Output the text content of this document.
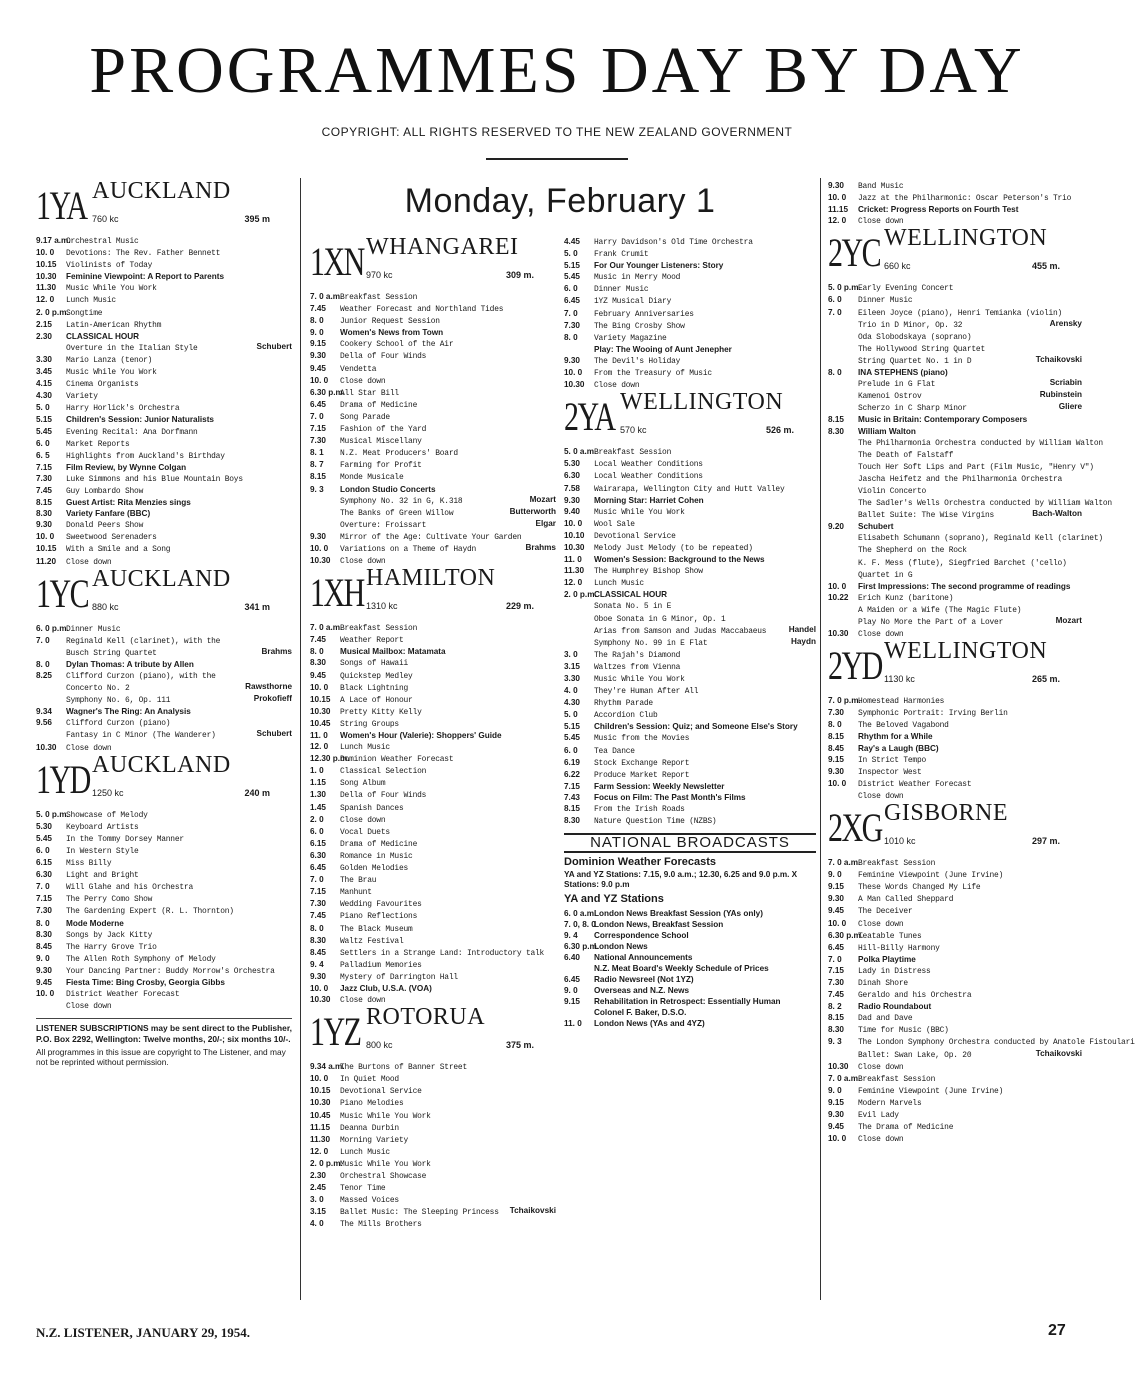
PROGRAMMES DAY BY DAY
COPYRIGHT: ALL RIGHTS RESERVED TO THE NEW ZEALAND GOVERNMENT
Monday, February 1
1YA AUCKLAND
760 kc	395 m
9.17 a.m.Orchestral Music
10. 0 Devotions: The Rev. Father Bennett
10.15 Violinists of Today
10.30 Feminine Viewpoint: A Report to Parents
11.30 Music While You Work
12. 0 Lunch Music
2. 0 p.m.Songtime
2.15 Latin-American Rhythm
2.30 CLASSICAL HOUR
Overture in the Italian Style	Schubert
3.30 Mario Lanza (tenor)
3.45 Music While You Work
4.15 Cinema Organists
4.30 Variety
5. 0 Harry Horlick's Orchestra
5.15 Children's Session: Junior Naturalists
5.45 Evening Recital: Ana Dorfmann
6. 0 Market Reports
6. 5 Highlights from Auckland's Birthday
7.15 Film Review, by Wynne Colgan
7.30 Luke Simmons and his Blue Mountain Boys
7.45 Guy Lombardo Show
8.15 Guest Artist: Rita Menzies sings
8.30 Variety Fanfare (BBC)
9.30 Donald Peers Show
10. 0 Sweetwood Serenaders
10.15 With a Smile and a Song
11.20 Close down
1YC AUCKLAND
880 kc	341 m
6. 0 p.m.Dinner Music
7. 0 Reginald Kell (clarinet), with the
Busch String Quartet	Brahms
8. 0 Dylan Thomas: A tribute by Allen
8.25 Clifford Curzon (piano), with the
Concerto No. 2	Rawsthorne
Symphony No. 6, Op. 111	Prokofieff
9.34 Wagner's The Ring: An Analysis
9.56 Clifford Curzon (piano)
Fantasy in C Minor (The Wanderer)	Schubert
10.30 Close down
1YD AUCKLAND
1250 kc	240 m
5. 0 p.m.Showcase of Melody
5.30 Keyboard Artists
5.45 In the Tommy Dorsey Manner
6. 0 In Western Style
6.15 Miss Billy
6.30 Light and Bright
7. 0 Will Glahe and his Orchestra
7.15 The Perry Como Show
7.30 The Gardening Expert (R. L. Thornton)
8. 0 Mode Moderne
8.30 Songs by Jack Kitty
8.45 The Harry Grove Trio
9. 0 The Allen Roth Symphony of Melody
9.30 Your Dancing Partner: Buddy Morrow's Orchestra
9.45 Fiesta Time: Bing Crosby, Georgia Gibbs
10. 0 District Weather Forecast
Close down

LISTENER SUBSCRIPTIONS may be sent direct to the Publisher, P.O. Box 2292, Wellington: Twelve months, 20/-; six months 10/-.

All programmes in this issue are copyright to The Listener, and may not be reprinted without permission.

1XN WHANGAREI
970 kc	309 m.
7. 0 a.m.Breakfast Session
7.45 Weather Forecast and Northland Tides
8. 0 Junior Request Session
9. 0 Women's News from Town
9.15 Cookery School of the Air
9.30 Della of Four Winds
9.45 Vendetta
10. 0 Close down
6.30 p.m.All Star Bill
6.45 Drama of Medicine
7. 0 Song Parade
7.15 Fashion of the Yard
7.30 Musical Miscellany
8. 1 N.Z. Meat Producers' Board
8. 7 Farming for Profit
8.15 Monde Musicale
9. 3 London Studio Concerts
Symphony No. 32 in G, K.318	Mozart
The Banks of Green Willow	Butterworth
Overture: Froissart	Elgar
9.30 Mirror of the Age: Cultivate Your Garden
10. 0 Variations on a Theme of Haydn	Brahms
10.30 Close down
1XH HAMILTON
1310 kc	229 m.
7. 0 a.m.Breakfast Session
7.45 Weather Report
8. 0 Musical Mailbox: Matamata
8.30 Songs of Hawaii
9.45 Quickstep Medley
10. 0 Black Lightning
10.15 A Lace of Honour
10.30 Pretty Kitty Kelly
10.45 String Groups
11. 0 Women's Hour (Valerie): Shoppers' Guide
12. 0 Lunch Music
12.30 p.m.Dominion Weather Forecast
1. 0 Classical Selection
1.15 Song Album
1.30 Della of Four Winds
1.45 Spanish Dances
2. 0 Close down
6. 0 Vocal Duets
6.15 Drama of Medicine
6.30 Romance in Music
6.45 Golden Melodies
7. 0 The Brau
7.15 Manhunt
7.30 Wedding Favourites
7.45 Piano Reflections
8. 0 The Black Museum
8.30 Waltz Festival
8.45 Settlers in a Strange Land: Introductory talk
9. 4 Palladium Memories
9.30 Mystery of Darrington Hall
10. 0 Jazz Club, U.S.A. (VOA)
10.30 Close down
1YZ ROTORUA
800 kc	375 m.
9.34 a.m.The Burtons of Banner Street
10. 0 In Quiet Mood
10.15 Devotional Service
10.30 Piano Melodies
10.45 Music While You Work
11.15 Deanna Durbin
11.30 Morning Variety
12. 0 Lunch Music
2. 0 p.m.Music While You Work
2.30 Orchestral Showcase
2.45 Tenor Time
3. 0 Massed Voices
3.15 Ballet Music: The Sleeping Princess Tchaikovski
4. 0 The Mills Brothers
4.45 Harry Davidson's Old Time Orchestra
5. 0 Frank Crumit
5.15 For Our Younger Listeners: Story
5.45 Music in Merry Mood
6. 0 Dinner Music
6.45 1YZ Musical Diary
7. 0 February Anniversaries
7.30 The Bing Crosby Show
8. 0 Variety Magazine
Play: The Wooing of Aunt Jenepher
9.30 The Devil's Holiday
10. 0 From the Treasury of Music
10.30 Close down
2YA WELLINGTON
570 kc	526 m.
5. 0 a.m.Breakfast Session
5.30 Local Weather Conditions
6.30 Local Weather Conditions
7.58 Wairarapa, Wellington City and Hutt Valley
9.30 Morning Star: Harriet Cohen
9.40 Music While You Work
10. 0 Wool Sale
10.10 Devotional Service
10.30 Melody Just Melody (to be repeated)
11. 0 Women's Session: Background to the News
11.30 The Humphrey Bishop Show
12. 0 Lunch Music
2. 0 p.m.CLASSICAL HOUR
Sonata No. 5 in E
Oboe Sonata in G Minor, Op. 1
Arias from Samson and Judas Maccabaeus	Handel
Symphony No. 99 in E Flat	Haydn
3. 0 The Rajah's Diamond
3.15 Waltzes from Vienna
3.30 Music While You Work
4. 0 They're Human After All
4.30 Rhythm Parade
5. 0 Accordion Club
5.15 Children's Session: Quiz; and Someone Else's Story
5.45 Music from the Movies
6. 0 Tea Dance
6.19 Stock Exchange Report
6.22 Produce Market Report
7.15 Farm Session: Weekly Newsletter
7.43 Focus on Film: The Past Month's Films
8.15 From the Irish Roads
8.30 Nature Question Time (NZBS)
NATIONAL BROADCASTS
Dominion Weather Forecasts
YA and YZ Stations: 7.15, 9.0 a.m.; 12.30, 6.25 and 9.0 p.m. X Stations: 9.0 p.m
YA and YZ Stations
6. 0 a.m.London News Breakfast Session (YAs only)
7. 0, 8. 0London News, Breakfast Session
9. 4 Correspondence School
6.30 p.m.London News
6.40 National Announcements
N.Z. Meat Board's Weekly Schedule of Prices
6.45 Radio Newsreel (Not 1YZ)
9. 0 Overseas and N.Z. News
9.15 Rehabilitation in Retrospect: Essentially Human
Colonel F. Baker, D.S.O.
11. 0 London News (YAs and 4YZ)
9.30 Band Music
10. 0 Jazz at the Philharmonic: Oscar Peterson's Trio
11.15 Cricket: Progress Reports on Fourth Test
12. 0 Close down
2YC WELLINGTON
660 kc	455 m.
5. 0 p.m.Early Evening Concert
6. 0 Dinner Music
7. 0 Eileen Joyce (piano), Henri Temianka (violin)
Trio in D Minor, Op. 32	Arensky
Oda Slobodskaya (soprano)
The Hollywood String Quartet
String Quartet No. 1 in D	Tchaikovski
8. 0 INA STEPHENS (piano)
Prelude in G Flat	Scriabin
Kamenoi Ostrov	Rubinstein
Scherzo in C Sharp Minor	Gliere
8.15 Music in Britain: Contemporary Composers
8.30 William Walton
The Philharmonia Orchestra conducted by William Walton
The Death of Falstaff
Touch Her Soft Lips and Part (Film Music, "Henry V")
Jascha Heifetz and the Philharmonia Orchestra
Violin Concerto
The Sadler's Wells Orchestra conducted by William Walton
Ballet Suite: The Wise Virgins	Bach-Walton
9.20 Schubert
Elisabeth Schumann (soprano), Reginald Kell (clarinet)
The Shepherd on the Rock
K. F. Mess (flute), Siegfried Barchet ('cello)
Quartet in G
10. 0 First Impressions: The second programme of readings
10.22 Erich Kunz (baritone)
A Maiden or a Wife (The Magic Flute)
Play No More the Part of a Lover	Mozart
10.30 Close down
2YD WELLINGTON
1130 kc	265 m.
7. 0 p.m.Homestead Harmonies
7.30 Symphonic Portrait: Irving Berlin
8. 0 The Beloved Vagabond
8.15 Rhythm for a While
8.45 Ray's a Laugh (BBC)
9.15 In Strict Tempo
9.30 Inspector West
10. 0 District Weather Forecast
Close down
2XG GISBORNE
1010 kc	297 m.
7. 0 a.m.Breakfast Session
9. 0 Feminine Viewpoint (June Irvine)
9.15 These Words Changed My Life
9.30 A Man Called Sheppard
9.45 The Deceiver
10. 0 Close down
6.30 p.m.Teatable Tunes
6.45 Hill-Billy Harmony
7. 0 Polka Playtime
7.15 Lady in Distress
7.30 Dinah Shore
7.45 Geraldo and his Orchestra
8. 2 Radio Roundabout
8.15 Dad and Dave
8.30 Time for Music (BBC)
9. 3 The London Symphony Orchestra conducted by Anatole Fistoulari
Ballet: Swan Lake, Op. 20	Tchaikovski
10.30 Close down
7. 0 a.m.Breakfast Session
9. 0 Feminine Viewpoint (June Irvine)
9.15 Modern Marvels
9.30 Evil Lady
9.45 The Drama of Medicine
10. 0 Close down
N.Z. LISTENER, JANUARY 29, 1954.	27
